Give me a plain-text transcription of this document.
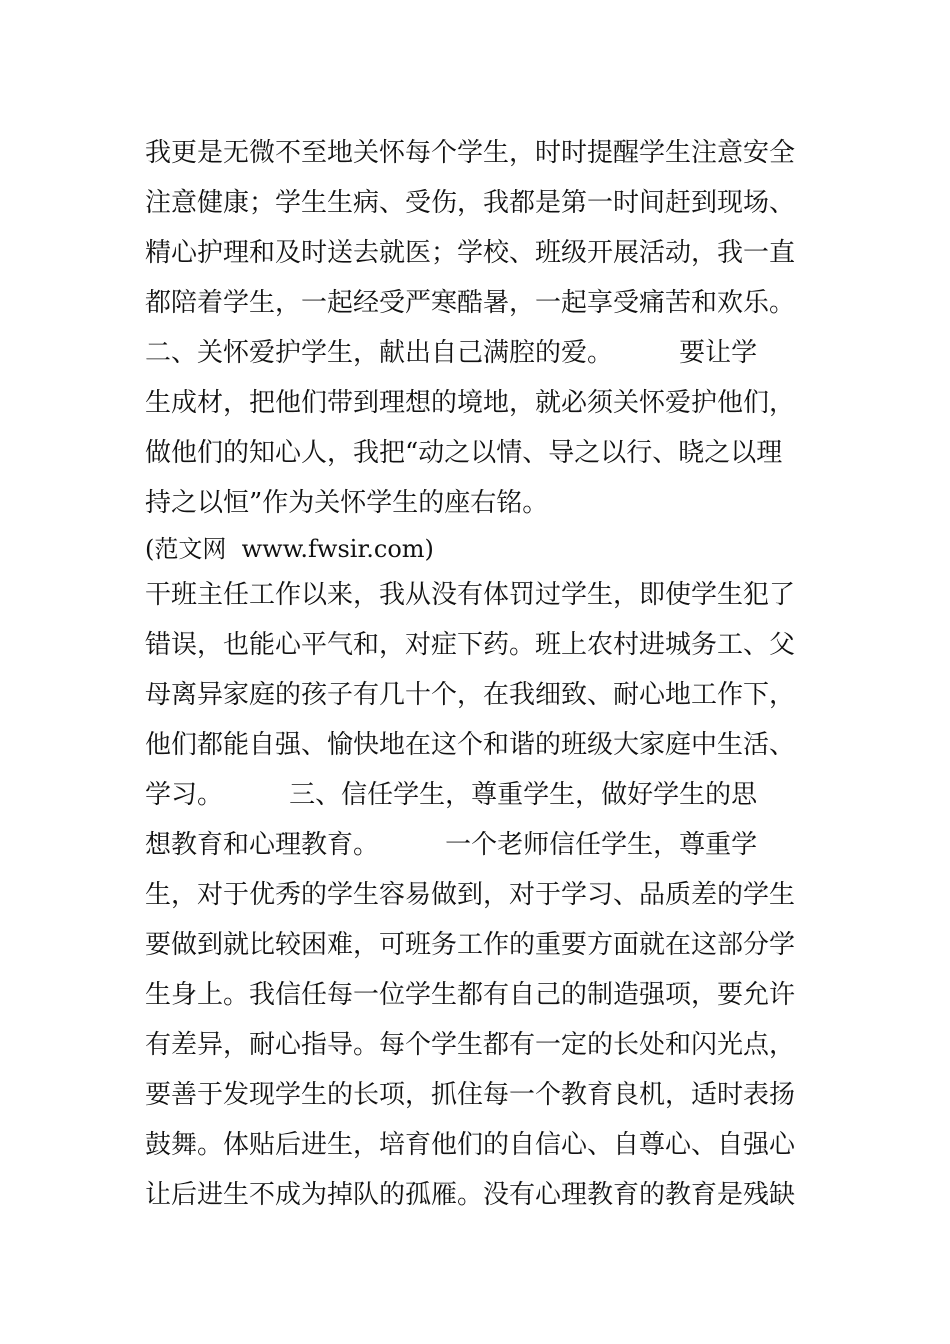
我更是无微不至地关怀每个学生，时时提醒学生注意安全
注意健康；学生生病、受伤，我都是第一时间赶到现场、
精心护理和及时送去就医；学校、班级开展活动，我一直
都陪着学生，一起经受严寒酷暑，一起享受痛苦和欢乐。
二、关怀爱护学生，献出自己满腔的爱。        要让学
生成材，把他们带到理想的境地，就必须关怀爱护他们，
做他们的知心人，我把“动之以情、导之以行、晓之以理
持之以恒”作为关怀学生的座右铭。
(范文网  www.fwsir.com)
干班主任工作以来，我从没有体罚过学生，即使学生犯了
错误，也能心平气和，对症下药。班上农村进城务工、父
母离异家庭的孩子有几十个，在我细致、耐心地工作下，
他们都能自强、愉快地在这个和谐的班级大家庭中生活、
学习。        三、信任学生，尊重学生，做好学生的思
想教育和心理教育。        一个老师信任学生，尊重学
生，对于优秀的学生容易做到，对于学习、品质差的学生
要做到就比较困难，可班务工作的重要方面就在这部分学
生身上。我信任每一位学生都有自己的制造强项，要允许
有差异，耐心指导。每个学生都有一定的长处和闪光点，
要善于发现学生的长项，抓住每一个教育良机，适时表扬
鼓舞。体贴后进生，培育他们的自信心、自尊心、自强心
让后进生不成为掉队的孤雁。没有心理教育的教育是残缺
